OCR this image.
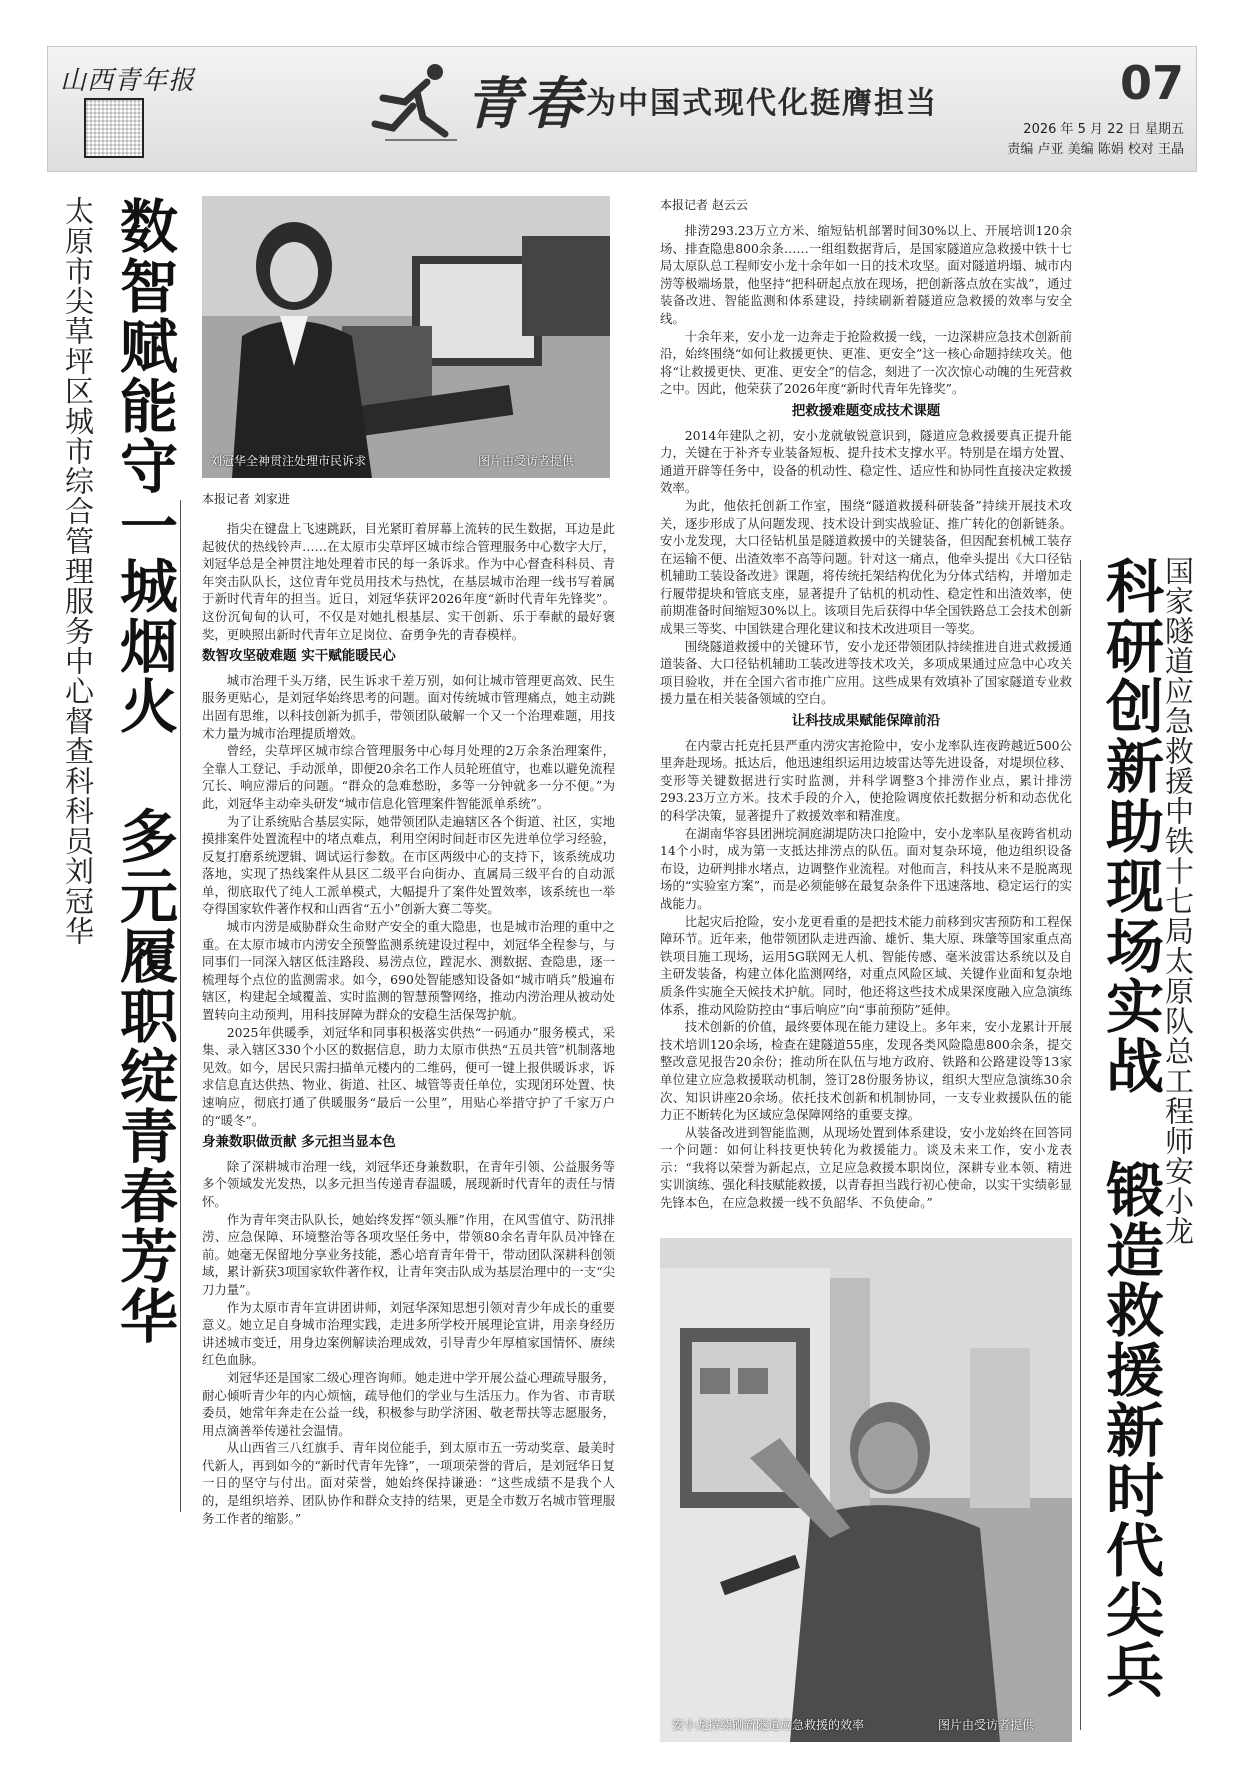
山西青年报	青春 为中国式现代化挺膺担当	07
2026 年 5 月 22 日 星期五
责编 卢亚 美编 陈娟 校对 王晶
太原市尖草坪区城市综合管理服务中心督查科科员刘冠华 数智赋能守一城烟火
多元履职绽青春芳华
刘冠华全神贯注处理市民诉求	图片由受访者提供
本报记者 刘家进

指尖在键盘上飞速跳跃，目光紧盯着屏幕上流转的民生数据，耳边是此起彼伏的热线铃声……在太原市尖草坪区城市综合管理服务中心数字大厅，刘冠华总是全神贯注地处理着市民的每一条诉求。作为中心督查科科员、青年突击队队长，这位青年党员用技术与热忱，在基层城市治理一线书写着属于新时代青年的担当。近日，刘冠华获评2026年度“新时代青年先锋奖”。这份沉甸甸的认可，不仅是对她扎根基层、实干创新、乐于奉献的最好褒奖，更映照出新时代青年立足岗位、奋勇争先的青春模样。

数智攻坚破难题 实干赋能暖民心

城市治理千头万绪，民生诉求千差万别，如何让城市管理更高效、民生服务更贴心，是刘冠华始终思考的问题。面对传统城市管理痛点，她主动跳出固有思维，以科技创新为抓手，带领团队破解一个又一个治理难题，用技术力量为城市治理提质增效。

曾经，尖草坪区城市综合管理服务中心每月处理的2万余条治理案件，全靠人工登记、手动派单，即便20余名工作人员轮班值守，也难以避免流程冗长、响应滞后的问题。“群众的急难愁盼，多等一分钟就多一分不便。”为此，刘冠华主动牵头研发“城市信息化管理案件智能派单系统”。

为了让系统贴合基层实际，她带领团队走遍辖区各个街道、社区，实地摸排案件处置流程中的堵点难点，利用空闲时间赶市区先进单位学习经验，反复打磨系统逻辑、调试运行参数。在市区两级中心的支持下，该系统成功落地，实现了热线案件从县区二级平台向街办、直属局三级平台的自动派单，彻底取代了纯人工派单模式，大幅提升了案件处置效率，该系统也一举夺得国家软件著作权和山西省“五小”创新大赛二等奖。

城市内涝是威胁群众生命财产安全的重大隐患，也是城市治理的重中之重。在太原市城市内涝安全预警监测系统建设过程中，刘冠华全程参与，与同事们一同深入辖区低洼路段、易涝点位，蹚泥水、测数据、查隐患，逐一梳理每个点位的监测需求。如今，690处智能感知设备如“城市哨兵”般遍布辖区，构建起全域覆盖、实时监测的智慧预警网络，推动内涝治理从被动处置转向主动预判，用科技屏障为群众的安稳生活保驾护航。

2025年供暖季，刘冠华和同事积极落实供热“一码通办”服务模式，采集、录入辖区330个小区的数据信息，助力太原市供热“五员共管”机制落地见效。如今，居民只需扫描单元楼内的二维码，便可一键上报供暖诉求，诉求信息直达供热、物业、街道、社区、城管等责任单位，实现闭环处置、快速响应，彻底打通了供暖服务“最后一公里”，用贴心举措守护了千家万户的“暖冬”。

身兼数职做贡献 多元担当显本色

除了深耕城市治理一线，刘冠华还身兼数职，在青年引领、公益服务等多个领域发光发热，以多元担当传递青春温暖，展现新时代青年的责任与情怀。

作为青年突击队队长，她始终发挥“领头雁”作用，在风雪值守、防汛排涝、应急保障、环境整治等各项攻坚任务中，带领80余名青年队员冲锋在前。她毫无保留地分享业务技能，悉心培育青年骨干，带动团队深耕科创领域，累计新获3项国家软件著作权，让青年突击队成为基层治理中的一支“尖刀力量”。

作为太原市青年宣讲团讲师，刘冠华深知思想引领对青少年成长的重要意义。她立足自身城市治理实践，走进多所学校开展理论宣讲，用亲身经历讲述城市变迁，用身边案例解读治理成效，引导青少年厚植家国情怀、赓续红色血脉。

刘冠华还是国家二级心理咨询师。她走进中学开展公益心理疏导服务，耐心倾听青少年的内心烦恼，疏导他们的学业与生活压力。作为省、市青联委员，她常年奔走在公益一线，积极参与助学济困、敬老帮扶等志愿服务，用点滴善举传递社会温情。

从山西省三八红旗手、青年岗位能手，到太原市五一劳动奖章、最美时代新人，再到如今的“新时代青年先锋”，一项项荣誉的背后，是刘冠华日复一日的坚守与付出。面对荣誉，她始终保持谦逊：“这些成绩不是我个人的，是组织培养、团队协作和群众支持的结果，更是全市数万名城市管理服务工作者的缩影。”

本报记者 赵云云

排涝293.23万立方米、缩短钻机部署时间30%以上、开展培训120余场、排查隐患800余条……一组组数据背后，是国家隧道应急救援中铁十七局太原队总工程师安小龙十余年如一日的技术攻坚。面对隧道坍塌、城市内涝等极端场景，他坚持“把科研起点放在现场，把创新落点放在实战”，通过装备改进、智能监测和体系建设，持续刷新着隧道应急救援的效率与安全线。

十余年来，安小龙一边奔走于抢险救援一线，一边深耕应急技术创新前沿，始终围绕“如何让救援更快、更准、更安全”这一核心命题持续攻关。他将“让救援更快、更准、更安全”的信念，刻进了一次次惊心动魄的生死营救之中。因此，他荣获了2026年度“新时代青年先锋奖”。

把救援难题变成技术课题

2014年建队之初，安小龙就敏锐意识到，隧道应急救援要真正提升能力，关键在于补齐专业装备短板、提升技术支撑水平。特别是在塌方处置、通道开辟等任务中，设备的机动性、稳定性、适应性和协同性直接决定救援效率。

为此，他依托创新工作室，围绕“隧道救援科研装备”持续开展技术攻关，逐步形成了从问题发现、技术设计到实战验证、推广转化的创新链条。安小龙发现，大口径钻机虽是隧道救援中的关键装备，但因配套机械工装存在运输不便、出渣效率不高等问题。针对这一痛点，他牵头提出《大口径钻机辅助工装设备改进》课题，将传统托架结构优化为分体式结构，并增加走行履带提块和管底支座，显著提升了钻机的机动性、稳定性和出渣效率，使前期准备时间缩短30%以上。该项目先后获得中华全国铁路总工会技术创新成果三等奖、中国铁建合理化建议和技术改进项目一等奖。

围绕隧道救援中的关键环节，安小龙还带领团队持续推进自进式救援通道装备、大口径钻机辅助工装改进等技术攻关，多项成果通过应急中心攻关项目验收，并在全国六省市推广应用。这些成果有效填补了国家隧道专业救援力量在相关装备领域的空白。

让科技成果赋能保障前沿

在内蒙古托克托县严重内涝灾害抢险中，安小龙率队连夜跨越近500公里奔赴现场。抵达后，他迅速组织运用边坡雷达等先进设备，对堤坝位移、变形等关键数据进行实时监测，并科学调整3个排涝作业点，累计排涝293.23万立方米。技术手段的介入，使抢险调度依托数据分析和动态优化的科学决策，显著提升了救援效率和精准度。

在湖南华容县团洲垸洞庭湖堤防决口抢险中，安小龙率队星夜跨省机动14个小时，成为第一支抵达排涝点的队伍。面对复杂环境，他边组织设备布设，边研判排水堵点，边调整作业流程。对他而言，科技从来不是脱离现场的“实验室方案”，而是必须能够在最复杂条件下迅速落地、稳定运行的实战能力。

比起灾后抢险，安小龙更看重的是把技术能力前移到灾害预防和工程保障环节。近年来，他带领团队走进西渝、雄忻、集大原、珠肇等国家重点高铁项目施工现场，运用5G联网无人机、智能传感、毫米波雷达系统以及自主研发装备，构建立体化监测网络，对重点风险区域、关键作业面和复杂地质条件实施全天候技术护航。同时，他还将这些技术成果深度融入应急演练体系，推动风险防控由“事后响应”向“事前预防”延伸。

技术创新的价值，最终要体现在能力建设上。多年来，安小龙累计开展技术培训120余场，检查在建隧道55座，发现各类风险隐患800余条，提交整改意见报告20余份；推动所在队伍与地方政府、铁路和公路建设等13家单位建立应急救援联动机制，签订28份服务协议，组织大型应急演练30余次、知识讲座20余场。依托技术创新和机制协同，一支专业救援队伍的能力正不断转化为区域应急保障网络的重要支撑。

从装备改进到智能监测，从现场处置到体系建设，安小龙始终在回答同一个问题：如何让科技更快转化为救援能力。谈及未来工作，安小龙表示：“我将以荣誉为新起点，立足应急救援本职岗位，深耕专业本领、精进实训演练、强化科技赋能救援，以青春担当践行初心使命，以实干实绩彰显先锋本色，在应急救援一线不负韶华、不负使命。”

安小龙持续刷新隧道应急救援的效率	图片由受访者提供
科研创新助现场实战
锻造救援新时代尖兵
国家隧道应急救援中铁十七局太原队总工程师安小龙
